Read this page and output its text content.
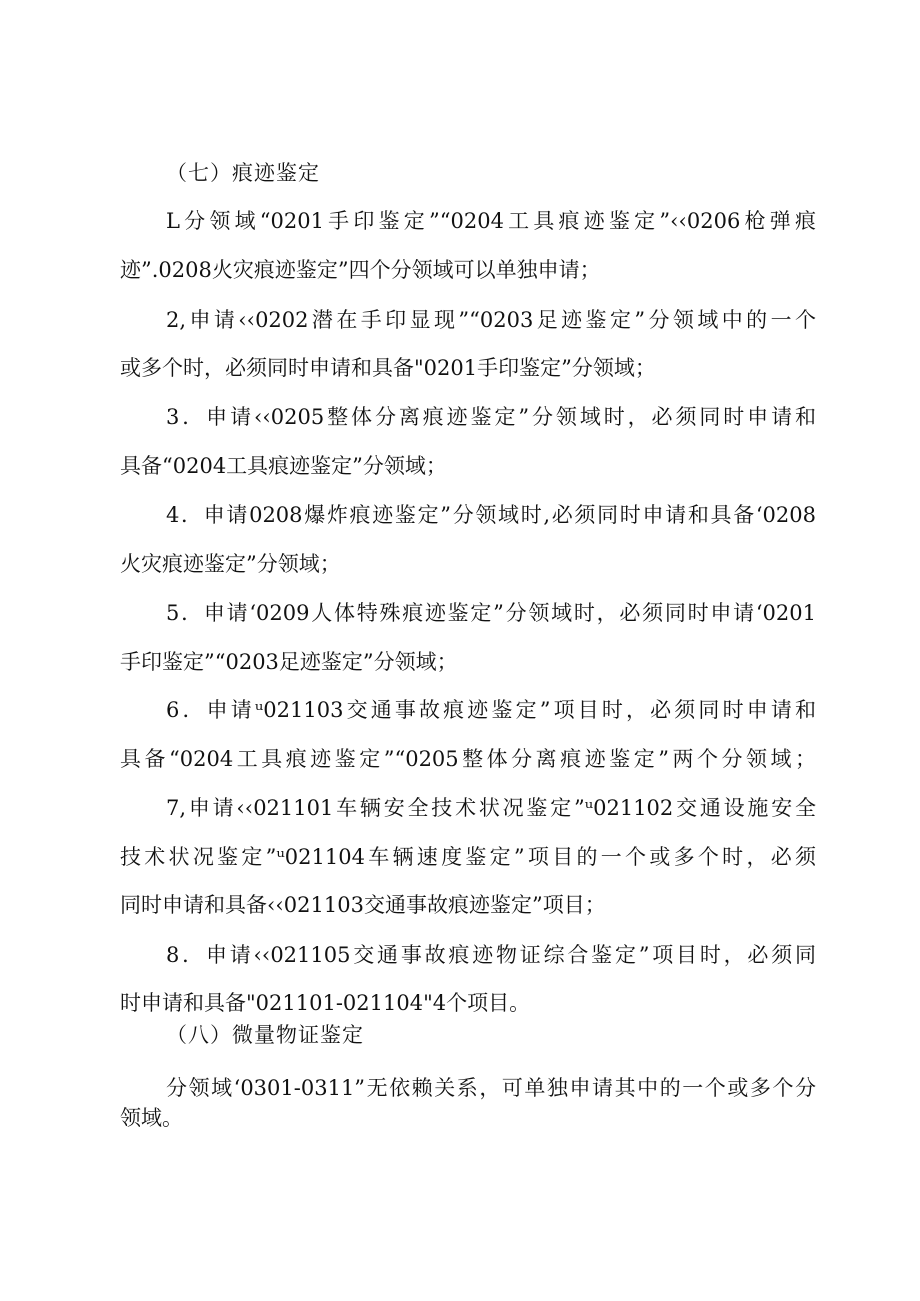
（七）痕迹鉴定
L分领域“0201手印鉴定”“0204工具痕迹鉴定”‹‹0206枪弹痕
迹”.0208火灾痕迹鉴定”四个分领域可以单独申请；
2,申请‹‹0202潜在手印显现”“0203足迹鉴定”分领域中的一个
或多个时，必须同时申请和具备"0201手印鉴定”分领域；
3．申请‹‹0205整体分离痕迹鉴定”分领域时，必须同时申请和
具备“0204工具痕迹鉴定”分领域；
4．申请0208爆炸痕迹鉴定”分领域时,必须同时申请和具备‘0208
火灾痕迹鉴定”分领域；
5．申请‘0209人体特殊痕迹鉴定”分领域时，必须同时申请‘0201
手印鉴定”“0203足迹鉴定”分领域；
6．申请ᵘ021103交通事故痕迹鉴定”项目时，必须同时申请和
具备“0204工具痕迹鉴定”“0205整体分离痕迹鉴定”两个分领域；
7,申请‹‹021101车辆安全技术状况鉴定”ᵘ021102交通设施安全
技术状况鉴定”ᵘ021104车辆速度鉴定”项目的一个或多个时，必须
同时申请和具备‹‹021103交通事故痕迹鉴定”项目；
8．申请‹‹021105交通事故痕迹物证综合鉴定”项目时，必须同
时申请和具备"021101-021104"4个项目。
（八）微量物证鉴定
分领域‘0301-0311”无依赖关系，可单独申请其中的一个或多个分
领域。
